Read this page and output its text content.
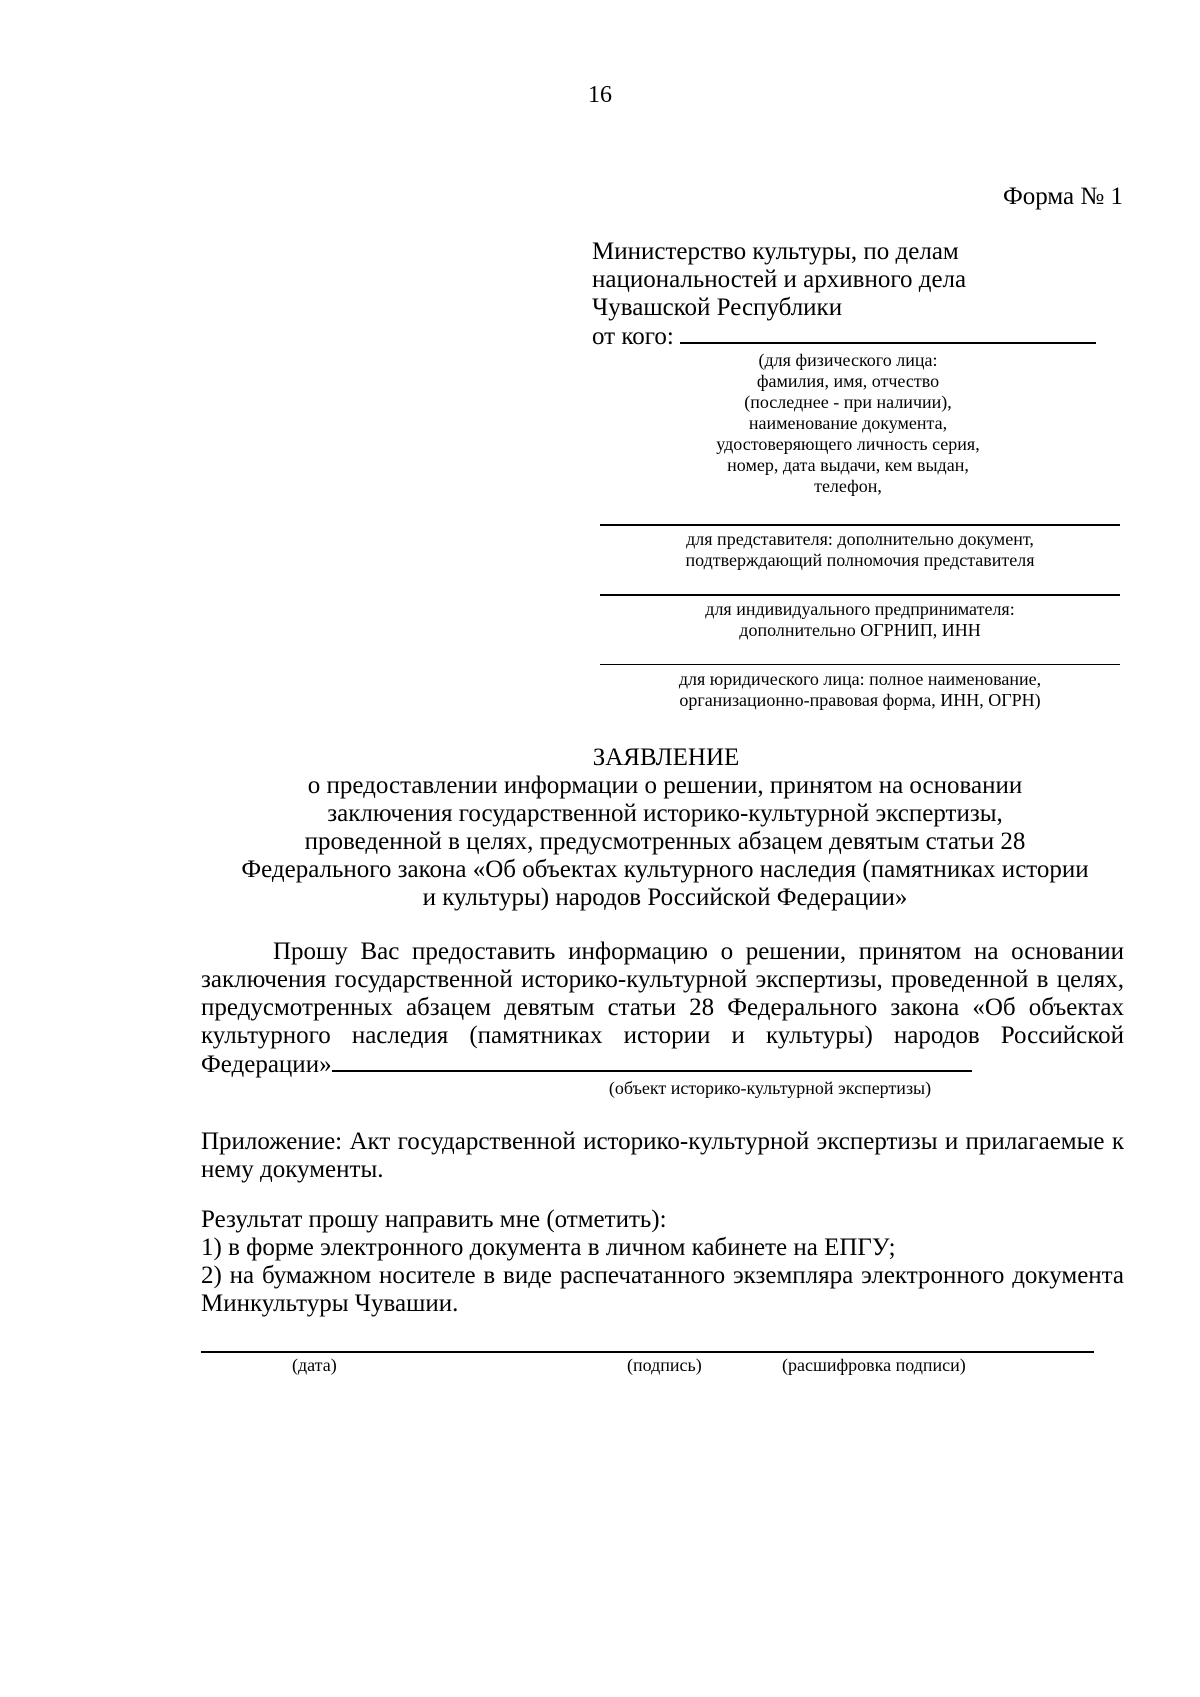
16
Форма № 1
Министерство культуры, по делам
национальностей и архивного дела
Чувашской Республики
от кого:
(для физического лица:
фамилия, имя, отчество
(последнее - при наличии),
наименование документа,
удостоверяющего личность серия,
номер, дата выдачи, кем выдан,
телефон,
для представителя: дополнительно документ,
подтверждающий полномочия представителя
для индивидуального предпринимателя:
дополнительно ОГРНИП, ИНН
для юридического лица: полное наименование,
организационно-правовая форма, ИНН, ОГРН)
ЗАЯВЛЕНИЕ
о предоставлении информации о решении, принятом на основании
заключения государственной историко-культурной экспертизы,
проведенной в целях, предусмотренных абзацем девятым статьи 28
Федерального закона «Об объектах культурного наследия (памятниках истории
и культуры) народов Российской Федерации»
Прошу Вас предоставить информацию о решении, принятом на основании заключения государственной историко-культурной экспертизы, проведенной в целях, предусмотренных абзацем девятым статьи 28 Федерального закона «Об объектах культурного наследия (памятниках истории и культуры) народов Российской Федерации»
(объект историко-культурной экспертизы)
Приложение: Акт государственной историко-культурной экспертизы и прилагаемые к нему документы.
Результат прошу направить мне (отметить):
1) в форме электронного документа в личном кабинете на ЕПГУ;
2) на бумажном носителе в виде распечатанного экземпляра электронного документа Минкультуры Чувашии.
(дата)	(подпись)	(расшифровка подписи)
